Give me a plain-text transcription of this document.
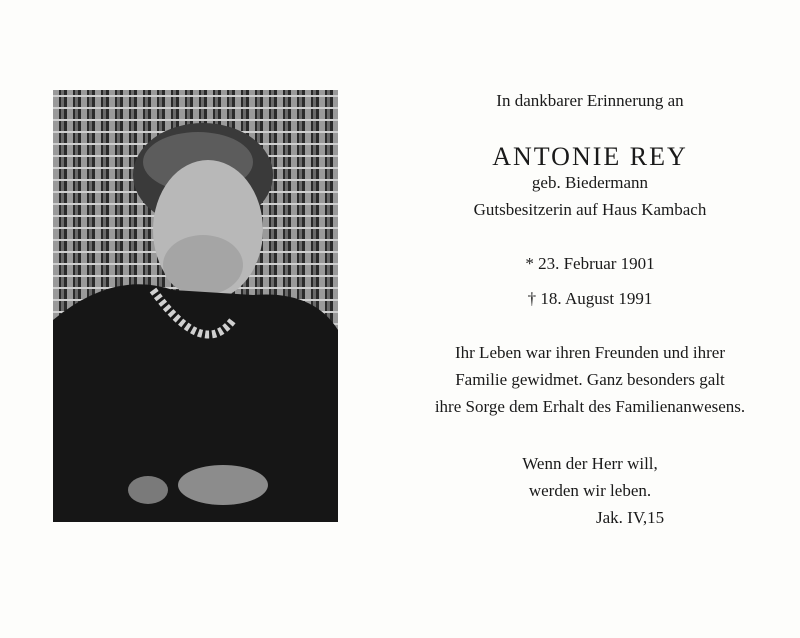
In dankbarer Erinnerung an
ANTONIE REY
geb. Biedermann
Gutsbesitzerin auf Haus Kambach
* 23. Februar 1901
† 18. August 1991
Ihr Leben war ihren Freunden und ihrer
Familie gewidmet. Ganz besonders galt
ihre Sorge dem Erhalt des Familienanwesens.
Wenn der Herr will,
werden wir leben.
Jak. IV,15
